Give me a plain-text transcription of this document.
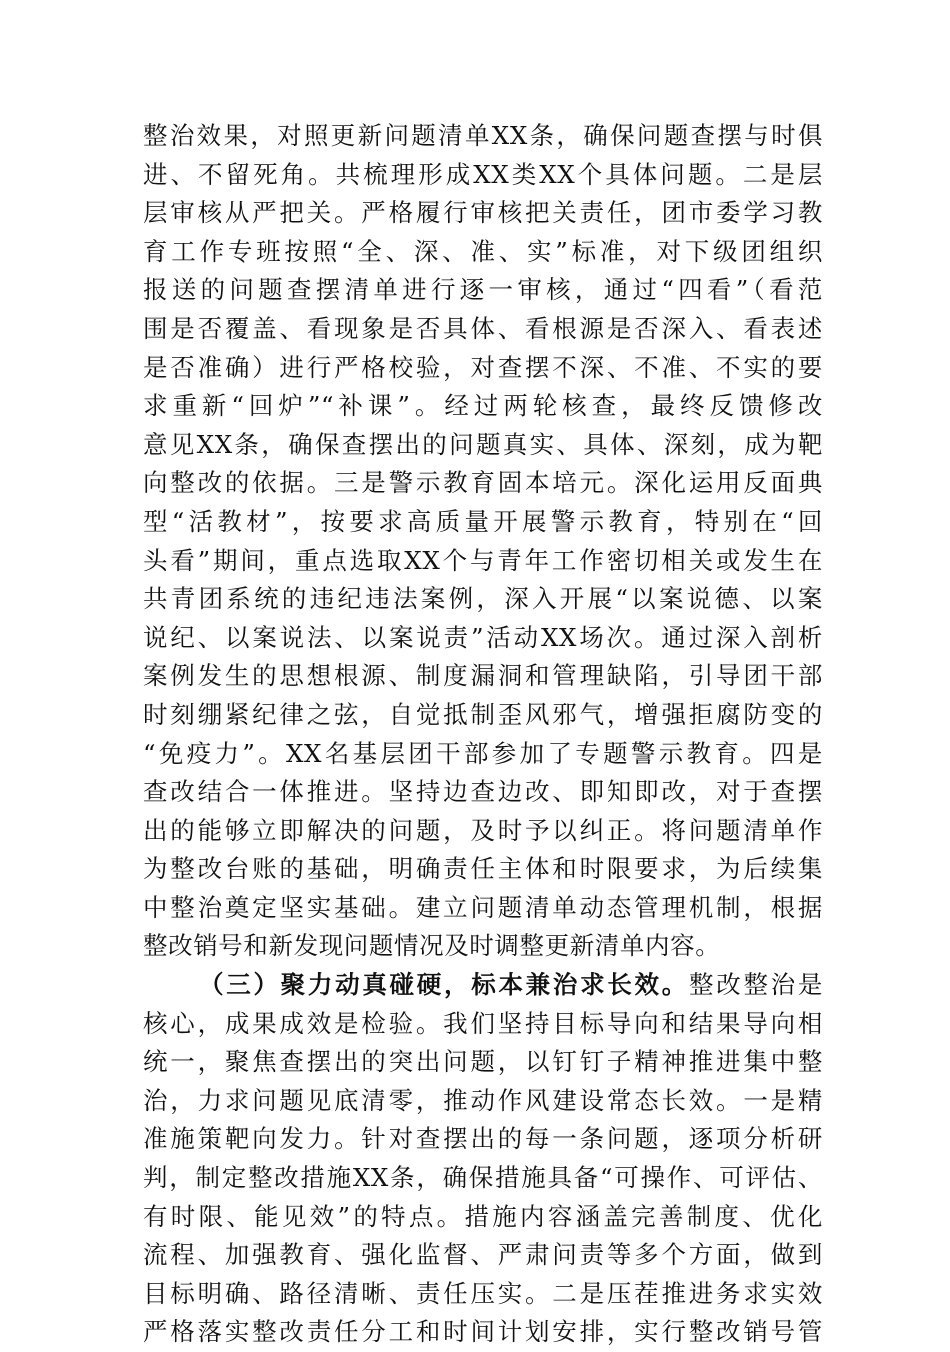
整治效果，对照更新问题清单XX条，确保问题查摆与时俱
进、不留死角。共梳理形成XX类XX个具体问题。二是层
层审核从严把关。严格履行审核把关责任，团市委学习教
育工作专班按照“全、深、准、实”标准，对下级团组织
报送的问题查摆清单进行逐一审核，通过“四看”（看范
围是否覆盖、看现象是否具体、看根源是否深入、看表述
是否准确）进行严格校验，对查摆不深、不准、不实的要
求重新“回炉”“补课”。经过两轮核查，最终反馈修改
意见XX条，确保查摆出的问题真实、具体、深刻，成为靶
向整改的依据。三是警示教育固本培元。深化运用反面典
型“活教材”，按要求高质量开展警示教育，特别在“回
头看”期间，重点选取XX个与青年工作密切相关或发生在
共青团系统的违纪违法案例，深入开展“以案说德、以案
说纪、以案说法、以案说责”活动XX场次。通过深入剖析
案例发生的思想根源、制度漏洞和管理缺陷，引导团干部
时刻绷紧纪律之弦，自觉抵制歪风邪气，增强拒腐防变的
“免疫力”。XX名基层团干部参加了专题警示教育。四是
查改结合一体推进。坚持边查边改、即知即改，对于查摆
出的能够立即解决的问题，及时予以纠正。将问题清单作
为整改台账的基础，明确责任主体和时限要求，为后续集
中整治奠定坚实基础。建立问题清单动态管理机制，根据
整改销号和新发现问题情况及时调整更新清单内容。
（三）聚力动真碰硬，标本兼治求长效。整改整治是
核心，成果成效是检验。我们坚持目标导向和结果导向相
统一，聚焦查摆出的突出问题，以钉钉子精神推进集中整
治，力求问题见底清零，推动作风建设常态长效。一是精
准施策靶向发力。针对查摆出的每一条问题，逐项分析研
判，制定整改措施XX条，确保措施具备“可操作、可评估、
有时限、能见效”的特点。措施内容涵盖完善制度、优化
流程、加强教育、强化监督、严肃问责等多个方面，做到
目标明确、路径清晰、责任压实。二是压茬推进务求实效
严格落实整改责任分工和时间计划安排，实行整改销号管
